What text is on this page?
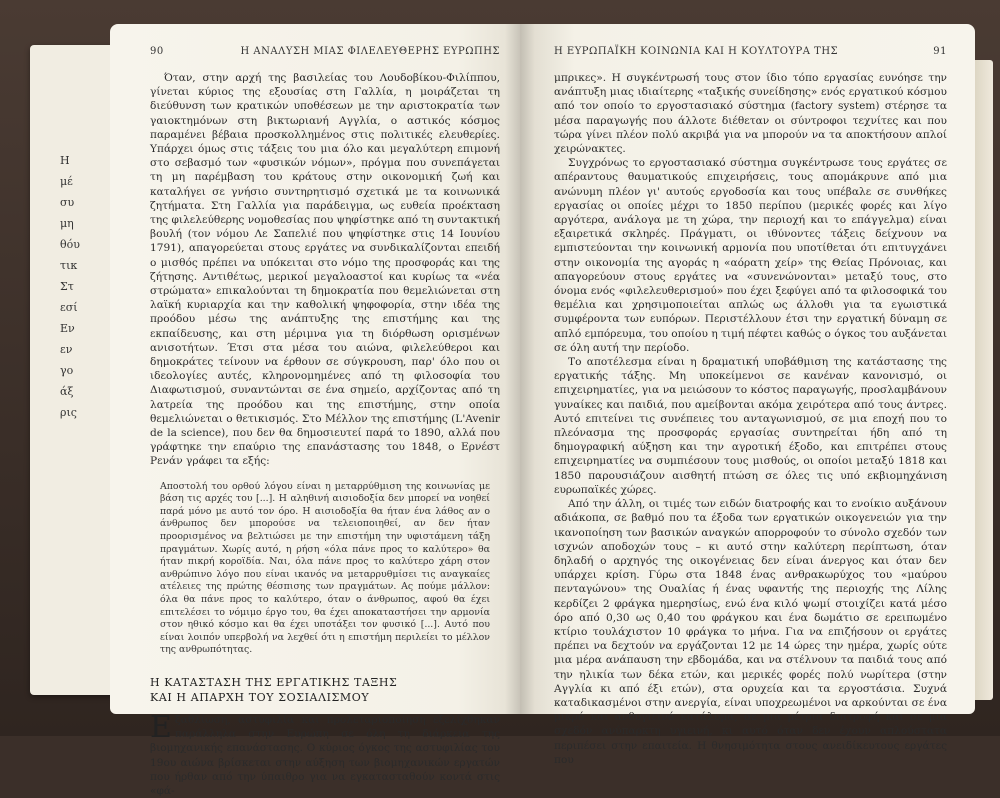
Η
μέ
συ
μη
θόυ
τικ
Στ
εσί
Εν
εν
γο
άξ
ρις
90	Η ΑΝΑΛΥΣΗ ΜΙΑΣ ΦΙΛΕΛΕΥΘΕΡΗΣ ΕΥΡΩΠΗΣ

Όταν, στην αρχή της βασιλείας του Λουδοβίκου-Φιλίππου, γίνεται κύριος της εξουσίας στη Γαλλία, η μοιράζεται τη διεύθυνση των κρατικών υποθέσεων με την αριστοκρατία των γαιοκτημόνων στη βικτωριανή Αγγλία, ο αστικός κόσμος παραμένει βέβαια προσκολλημένος στις πολιτικές ελευθερίες. Υπάρχει όμως στις τάξεις του μια όλο και μεγαλύτερη επιμονή στο σεβασμό των «φυσικών νόμων», πρόγμα που συνεπάγεται τη μη παρέμβαση του κράτους στην οικονομική ζωή και καταλήγει σε γνήσιο συντηρητισμό σχετικά με τα κοινωνικά ζητήματα. Στη Γαλλία για παράδειγμα, ως ευθεία προέκταση της φιλελεύθερης νομοθεσίας που ψηφίστηκε από τη συντακτική βουλή (τον νόμου Λε Σαπελιέ που ψηφίστηκε στις 14 Ιουνίου 1791), απαγορεύεται στους εργάτες να συνδικαλίζονται επειδή ο μισθός πρέπει να υπόκειται στο νόμο της προσφοράς και της ζήτησης. Αντιθέτως, μερικοί μεγαλοαστοί και κυρίως τα «νέα στρώματα» επικαλούνται τη δημοκρατία που θεμελιώνεται στη λαϊκή κυριαρχία και την καθολική ψηφοφορία, στην ιδέα της προόδου μέσω της ανάπτυξης της επιστήμης και της εκπαίδευσης, και στη μέριμνα για τη διόρθωση ορισμένων ανισοτήτων. Έτσι στα μέσα του αιώνα, φιλελεύθεροι και δημοκράτες τείνουν να έρθουν σε σύγκρουση, παρ' όλο που οι ιδεολογίες αυτές, κληρονομημένες από τη φιλοσοφία του Διαφωτισμού, συναντώνται σε ένα σημείο, αρχίζοντας από τη λατρεία της προόδου και της επιστήμης, στην οποία θεμελιώνεται ο θετικισμός. Στο Μέλλον της επιστήμης (L'Avenir de la science), που δεν θα δημοσιευτεί παρά το 1890, αλλά που γράφτηκε την επαύριο της επανάστασης του 1848, ο Ερνέστ Ρενάν γράφει τα εξής:

Αποστολή του ορθού λόγου είναι η μεταρρύθμιση της κοινωνίας με βάση τις αρχές του [...]. Η αληθινή αισιοδοξία δεν μπορεί να νοηθεί παρά μόνο με αυτό τον όρο. Η αισιοδοξία θα ήταν ένα λάθος αν ο άνθρωπος δεν μπορούσε να τελειοποιηθεί, αν δεν ήταν προορισμένος να βελτιώσει με την επιστήμη την υφιστάμενη τάξη πραγμάτων. Χωρίς αυτό, η ρήση «όλα πάνε προς το καλύτερο» θα ήταν πικρή κοροϊδία. Ναι, όλα πάνε προς το καλύτερο χάρη στον ανθρώπινο λόγο που είναι ικανός να μεταρρυθμίσει τις αναγκαίες ατέλειες της πρώτης θέσπισης των πραγμάτων. Ας πούμε μάλλον: όλα θα πάνε προς το καλύτερο, όταν ο άνθρωπος, αφού θα έχει επιτελέσει το νόμιμο έργο του, θα έχει αποκαταστήσει την αρμονία στον ηθικό κόσμο και θα έχει υποτάξει τον φυσικό [...]. Αυτό που είναι λοιπόν υπερβολή να λεχθεί ότι η επιστήμη περιλείει το μέλλον της ανθρωπότητας.
Η ΚΑΤΑΣΤΑΣΗ ΤΗΣ ΕΡΓΑΤΙΚΗΣ ΤΑΞΗΣ
ΚΑΙ Η ΑΠΑΡΧΗ ΤΟΥ ΣΟΣΙΑΛΙΣΜΟΥ
Ε ξαθλίωση, αστυφιλία και προλεταριοποίηση εξελίχθηκαν παράλληλα στην Ευρώπη σε όλη τη διάρκεια της βιομηχανικής επανάστασης. Ο κύριος όγκος της αστυφιλίας του 19ου αιώνα βρίσκεται στην αύξηση των βιομηχανικών εργατών που ήρθαν από την ύπαιθρο για να εγκατασταθούν κοντά στις «φά-

Η ΕΥΡΩΠΑΪΚΗ ΚΟΙΝΩΝΙΑ ΚΑΙ Η ΚΟΥΛΤΟΥΡΑ ΤΗΣ	91

μπρικες». Η συγκέντρωσή τους στον ίδιο τόπο εργασίας ευνόησε την ανάπτυξη μιας ιδιαίτερης «ταξικής συνείδησης» ενός εργατικού κόσμου από τον οποίο το εργοστασιακό σύστημα (factory system) στέρησε τα μέσα παραγωγής που άλλοτε διέθεταν οι σύντροφοι τεχνίτες και που τώρα γίνει πλέον πολύ ακριβά για να μπορούν να τα αποκτήσουν απλοί χειρώνακτες.

Συγχρόνως το εργοστασιακό σύστημα συγκέντρωσε τους εργάτες σε απέραντους θαυματικούς επιχειρήσεις, τους απομάκρυνε από μια ανώνυμη πλέον γι' αυτούς εργοδοσία και τους υπέβαλε σε συνθήκες εργασίας οι οποίες μέχρι το 1850 περίπου (μερικές φορές και λίγο αργότερα, ανάλογα με τη χώρα, την περιοχή και το επάγγελμα) είναι εξαιρετικά σκληρές. Πράγματι, οι ιθύνοντες τάξεις δείχνουν να εμπιστεύονται την κοινωνική αρμονία που υποτίθεται ότι επιτυγχάνει στην οικονομία της αγοράς η «αόρατη χείρ» της Θείας Πρόνοιας, και απαγορεύουν στους εργάτες να «συνενώνονται» μεταξύ τους, στο όνομα ενός «φιλελευθερισμού» που έχει ξεφύγει από τα φιλοσοφικά του θεμέλια και χρησιμοποιείται απλώς ως άλλοθι για τα εγωιστικά συμφέροντα των ευπόρων. Περιστέλλουν έτσι την εργατική δύναμη σε απλό εμπόρευμα, του οποίου η τιμή πέφτει καθώς ο όγκος του αυξάνεται σε όλη αυτή την περίοδο.

Το αποτέλεσμα είναι η δραματική υποβάθμιση της κατάστασης της εργατικής τάξης. Μη υποκείμενοι σε κανέναν κανονισμό, οι επιχειρηματίες, για να μειώσουν το κόστος παραγωγής, προσλαμβάνουν γυναίκες και παιδιά, που αμείβονται ακόμα χειρότερα από τους άντρες. Αυτό επιτείνει τις συνέπειες του ανταγωνισμού, σε μια εποχή που το πλεόνασμα της προσφοράς εργασίας συντηρείται ήδη από τη δημογραφική αύξηση και την αγροτική έξοδο, και επιτρέπει στους επιχειρηματίες να συμπιέσουν τους μισθούς, οι οποίοι μεταξύ 1818 και 1850 παρουσιάζουν αισθητή πτώση σε όλες τις υπό εκβιομηχάνιση ευρωπαϊκές χώρες.

Από την άλλη, οι τιμές των ειδών διατροφής και το ενοίκιο αυξάνουν αδιάκοπα, σε βαθμό που τα έξοδα των εργατικών οικογενειών για την ικανοποίηση των βασικών αναγκών απορροφούν το σύνολο σχεδόν των ισχνών αποδοχών τους – κι αυτό στην καλύτερη περίπτωση, όταν δηλαδή ο αρχηγός της οικογένειας δεν είναι άνεργος και όταν δεν υπάρχει κρίση. Γύρω στα 1848 ένας ανθρακωρύχος του «μαύρου πενταγώνου» της Ουαλίας ή ένας υφαντής της περιοχής της Λίλης κερδίζει 2 φράγκα ημερησίως, ενώ ένα κιλό ψωμί στοιχίζει κατά μέσο όρο από 0,30 ως 0,40 του φράγκου και ένα δωμάτιο σε ερειπωμένο κτίριο τουλάχιστον 10 φράγκα το μήνα. Για να επιζήσουν οι εργάτες πρέπει να δεχτούν να εργάζονται 12 με 14 ώρες την ημέρα, χωρίς ούτε μια μέρα ανάπαυση την εβδομάδα, και να στέλνουν τα παιδιά τους από την ηλικία των δέκα ετών, και μερικές φορές πολύ νωρίτερα (στην Αγγλία κι από έξι ετών), στα ορυχεία και τα εργοστάσια. Συχνά καταδικασμένοι στην ανεργία, είναι υποχρεωμένοι να αρκούνται σε ένα μικρό και ανθυγιεινό κατάλυμα, σε μια μέτρια διατροφή και σε μια σχεδόν ανύπαρκτη υγιεινή, κι αυτό όταν δεν έχουν απλούστατα περιπέσει στην επαιτεία. Η θνησιμότητα στους ανειδίκευτους εργάτες που
